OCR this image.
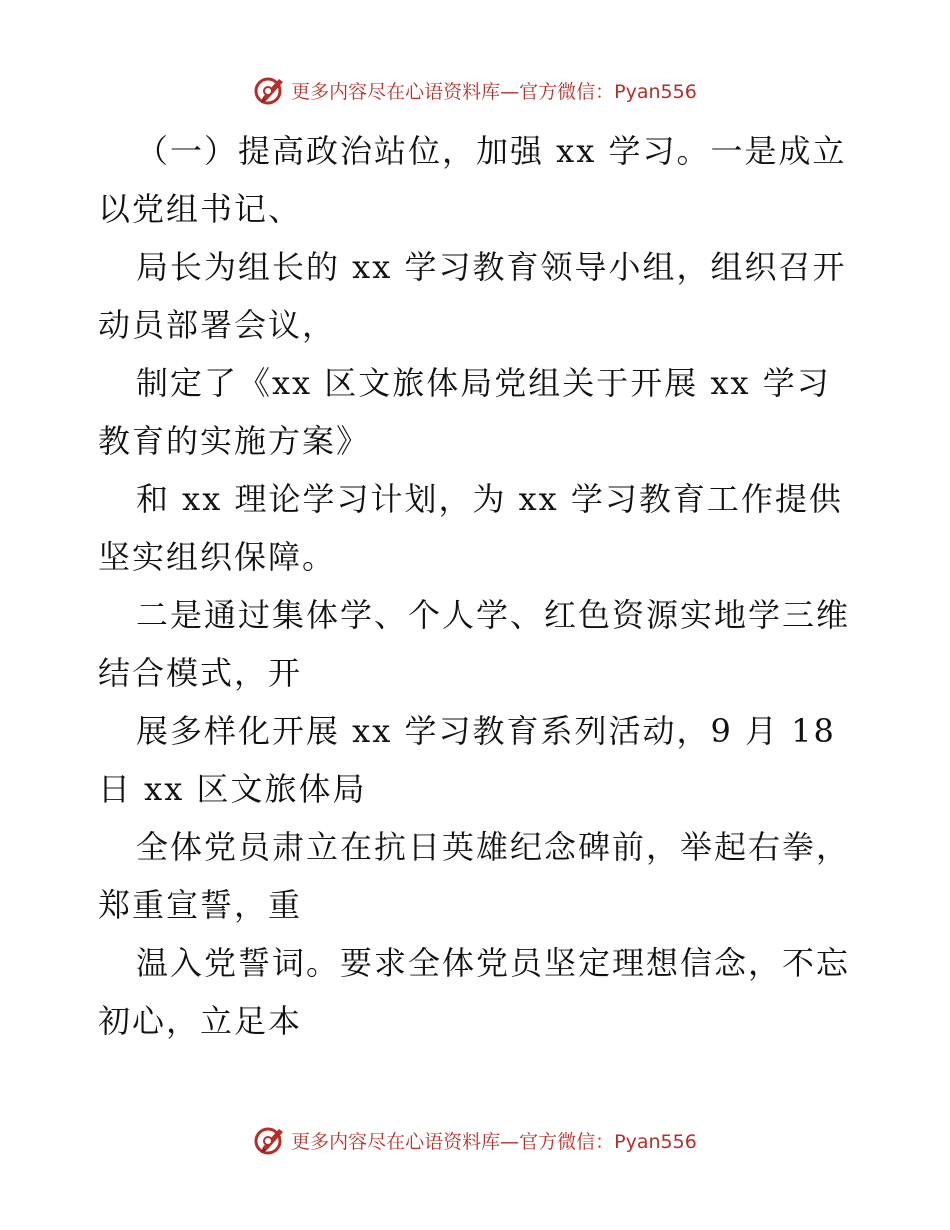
更多内容尽在心语资料库—官方微信：Pyan556

（一）提高政治站位，加强 xx 学习。一是成立
以党组书记、

局长为组长的 xx 学习教育领导小组，组织召开
动员部署会议，

制定了《xx 区文旅体局党组关于开展 xx 学习
教育的实施方案》

和 xx 理论学习计划，为 xx 学习教育工作提供
坚实组织保障。

二是通过集体学、个人学、红色资源实地学三维
结合模式，开

展多样化开展 xx 学习教育系列活动，9 月 18
日 xx 区文旅体局

全体党员肃立在抗日英雄纪念碑前，举起右拳，
郑重宣誓，重

温入党誓词。要求全体党员坚定理想信念，不忘
初心，立足本

更多内容尽在心语资料库—官方微信：Pyan556
